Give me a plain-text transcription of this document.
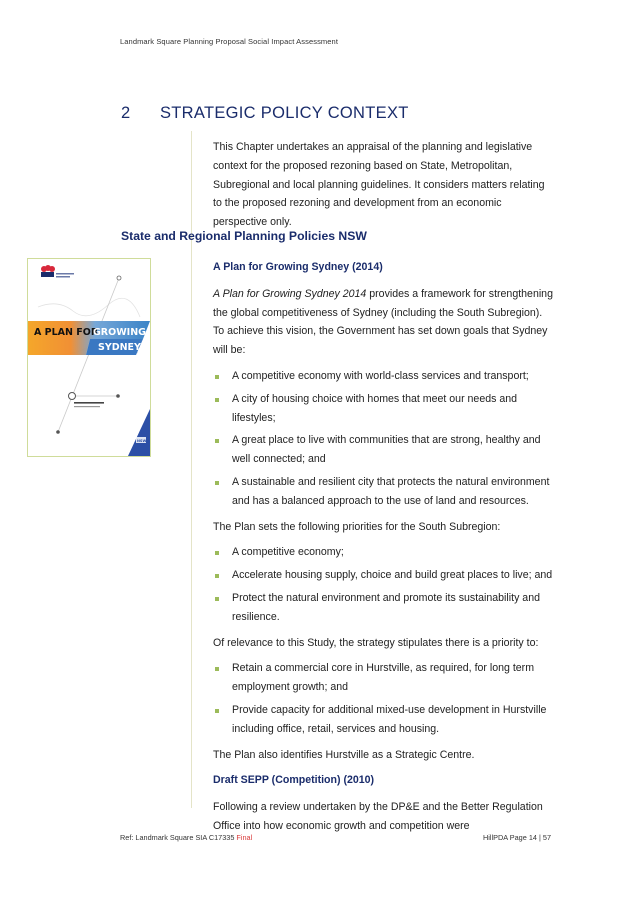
Landmark Square Planning Proposal Social Impact Assessment
2 STRATEGIC POLICY CONTEXT
This Chapter undertakes an appraisal of the planning and legislative context for the proposed rezoning based on State, Metropolitan, Subregional and local planning guidelines. It considers matters relating to the proposed rezoning and development from an economic perspective only.
State and Regional Planning Policies NSW
A PLAN FOR
GROWING
SYDNEY
NSW

A Plan for Growing Sydney (2014)

A Plan for Growing Sydney 2014 provides a framework for strengthening the global competitiveness of Sydney (including the South Subregion). To achieve this vision, the Government has set down goals that Sydney will be:

A competitive economy with world-class services and transport;
A city of housing choice with homes that meet our needs and lifestyles;
A great place to live with communities that are strong, healthy and well connected; and
A sustainable and resilient city that protects the natural environment and has a balanced approach to the use of land and resources.

The Plan sets the following priorities for the South Subregion:

A competitive economy;
Accelerate housing supply, choice and build great places to live; and
Protect the natural environment and promote its sustainability and resilience.

Of relevance to this Study, the strategy stipulates there is a priority to:

Retain a commercial core in Hurstville, as required, for long term employment growth; and
Provide capacity for additional mixed-use development in Hurstville including office, retail, services and housing.

The Plan also identifies Hurstville as a Strategic Centre.

Draft SEPP (Competition) (2010)

Following a review undertaken by the DP&E and the Better Regulation Office into how economic growth and competition were

Ref: Landmark Square SIA C17335 Final	HillPDA Page 14 | 57
